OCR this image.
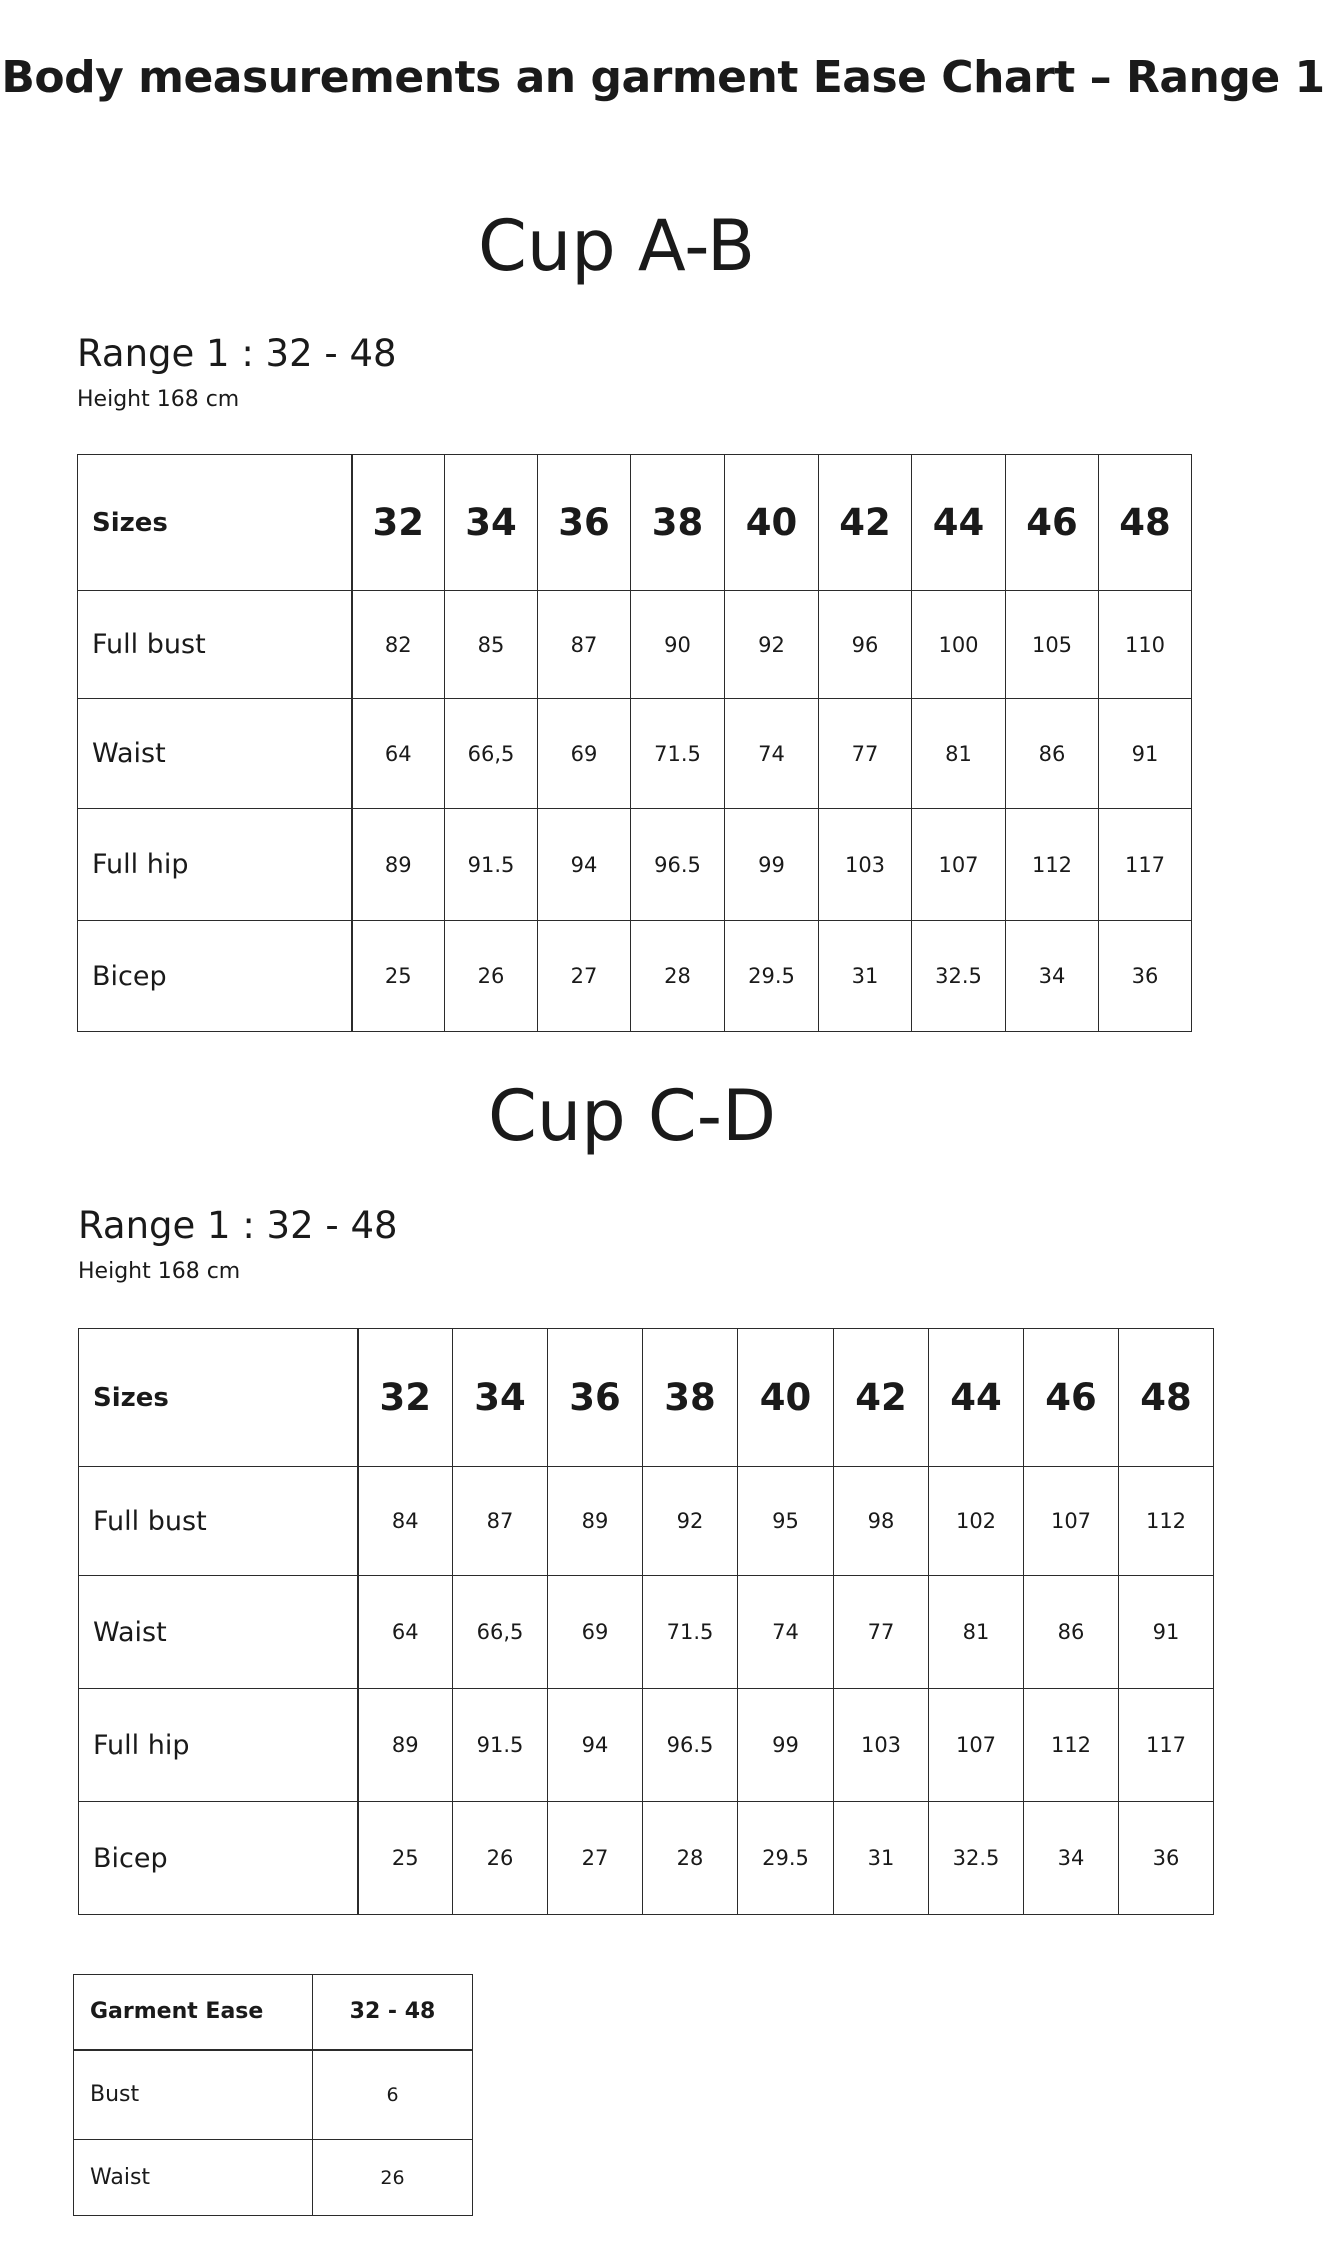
Body measurements an garment Ease Chart – Range 1
Cup A-B
Range 1 : 32 - 48
Height 168 cm
Sizes	32	34	36	38	40	42	44	46	48
Full bust	82	85	87	90	92	96	100	105	110
Waist	64	66,5	69	71.5	74	77	81	86	91
Full hip	89	91.5	94	96.5	99	103	107	112	117
Bicep	25	26	27	28	29.5	31	32.5	34	36
Cup C-D
Range 1 : 32 - 48
Height 168 cm
Sizes	32	34	36	38	40	42	44	46	48
Full bust	84	87	89	92	95	98	102	107	112
Waist	64	66,5	69	71.5	74	77	81	86	91
Full hip	89	91.5	94	96.5	99	103	107	112	117
Bicep	25	26	27	28	29.5	31	32.5	34	36
Garment Ease	32 - 48
Bust	6
Waist	26
